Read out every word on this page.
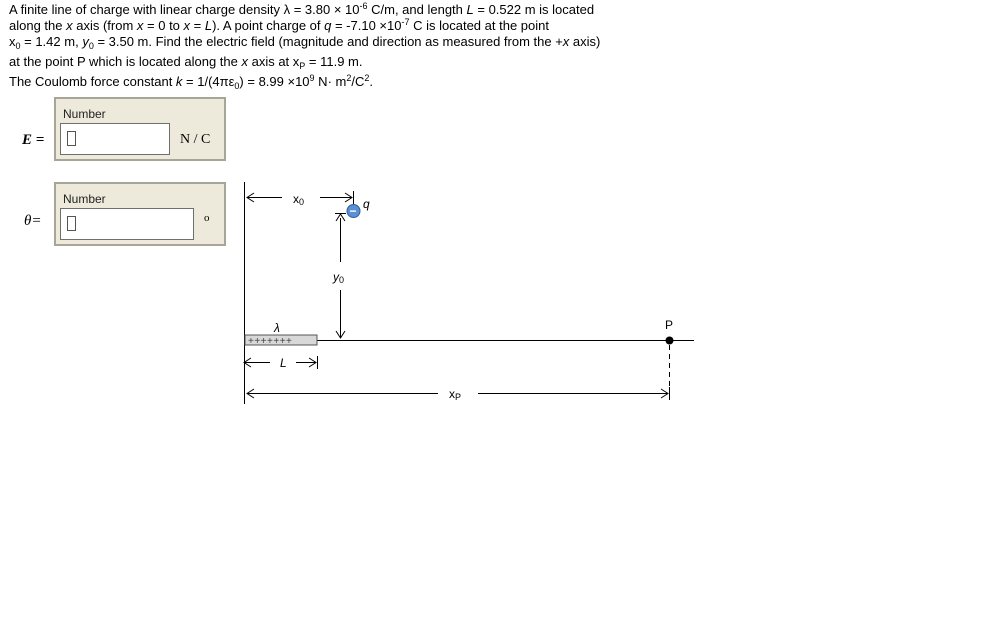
A finite line of charge with linear charge density $\lambda = 3.80 \times 10^{-6}$ C/m, and length L = 0.522 m is located

along the x axis (from x = 0 to x = L). A point charge of $q = -7.10 \times 10^{-7}$ C is located at the point

$x_0 = 1.42$ m, $y_0 = 3.50$ m. Find the electric field (magnitude and direction as measured from the +x axis)

at the point P which is located along the x axis at $x_P = 11.9$ m.

The Coulomb force constant $k = 1/(4\pi\varepsilon_0) = 8.99 \times 10^9$ $N\cdot m^2/C^2$.

E =
Number
N / C
θ=
Number
o
+++++++
−
x0	q
y0
λ
L
P
xP
